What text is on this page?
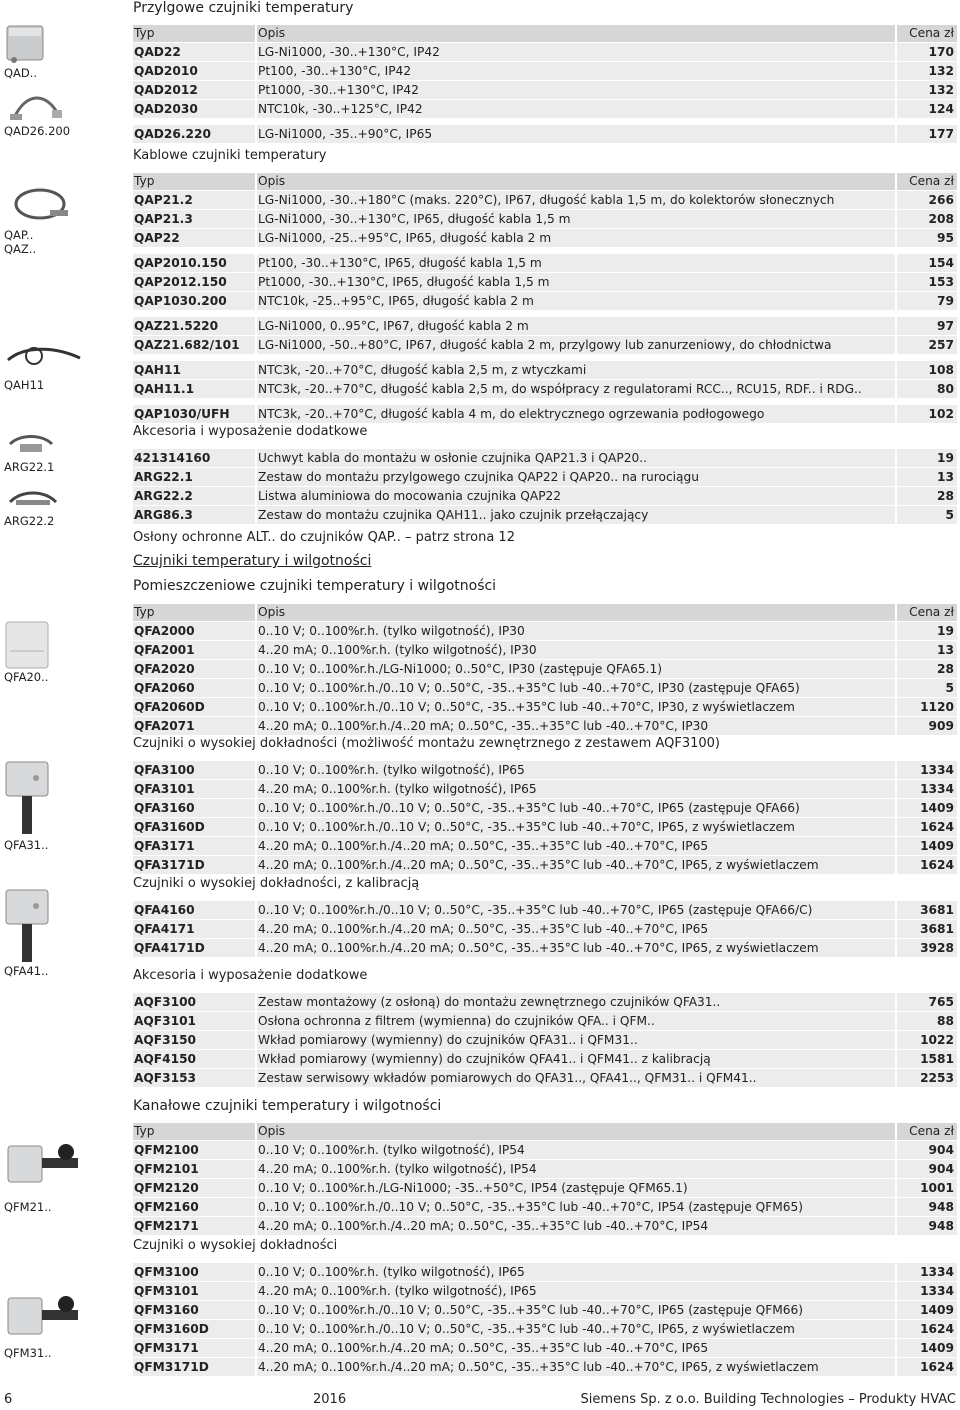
QAD..
QAD26.200
QAP..
QAZ..
QAH11
ARG22.1
ARG22.2
QFA20..
QFA31..
QFA41..
QFM21..
QFM31..
Przylgowe czujniki temperatury
Typ	Opis	Cena zł
QAD22	LG-Ni1000, -30..+130°C, IP42	170
QAD2010	Pt100, -30..+130°C, IP42	132
QAD2012	Pt1000, -30..+130°C, IP42	132
QAD2030	NTC10k, -30..+125°C, IP42	124
QAD26.220	LG-Ni1000, -35..+90°C, IP65	177
Kablowe czujniki temperatury
Typ	Opis	Cena zł
QAP21.2	LG-Ni1000, -30..+180°C (maks. 220°C), IP67, długość kabla 1,5 m, do kolektorów słonecznych	266
QAP21.3	LG-Ni1000, -30..+130°C, IP65, długość kabla 1,5 m	208
QAP22	LG-Ni1000, -25..+95°C, IP65, długość kabla 2 m	95
QAP2010.150	Pt100, -30..+130°C, IP65, długość kabla 1,5 m	154
QAP2012.150	Pt1000, -30..+130°C, IP65, długość kabla 1,5 m	153
QAP1030.200	NTC10k, -25..+95°C, IP65, długość kabla 2 m	79
QAZ21.5220	LG-Ni1000, 0..95°C, IP67, długość kabla 2 m	97
QAZ21.682/101	LG-Ni1000, -50..+80°C, IP67, długość kabla 2 m, przylgowy lub zanurzeniowy, do chłodnictwa	257
QAH11	NTC3k, -20..+70°C, długość kabla 2,5 m, z wtyczkami	108
QAH11.1	NTC3k, -20..+70°C, długość kabla 2,5 m, do współpracy z regulatorami RCC.., RCU15, RDF.. i RDG..	80
QAP1030/UFH	NTC3k, -20..+70°C, długość kabla 4 m, do elektrycznego ogrzewania podłogowego	102
Akcesoria i wyposażenie dodatkowe
421314160	Uchwyt kabla do montażu w osłonie czujnika QAP21.3 i QAP20..	19
ARG22.1	Zestaw do montażu przylgowego czujnika QAP22 i QAP20.. na rurociągu	13
ARG22.2	Listwa aluminiowa do mocowania czujnika QAP22	28
ARG86.3	Zestaw do montażu czujnika QAH11.. jako czujnik przełączający	5
Osłony ochronne ALT.. do czujników QAP.. – patrz strona 12
Czujniki temperatury i wilgotności
Pomieszczeniowe czujniki temperatury i wilgotności
Typ	Opis	Cena zł
QFA2000	0..10 V; 0..100%r.h. (tylko wilgotność), IP30	19
QFA2001	4..20 mA; 0..100%r.h. (tylko wilgotność), IP30	13
QFA2020	0..10 V; 0..100%r.h./LG-Ni1000; 0..50°C, IP30 (zastępuje QFA65.1)	28
QFA2060	0..10 V; 0..100%r.h./0..10 V; 0..50°C, -35..+35°C lub -40..+70°C, IP30 (zastępuje QFA65)	5
QFA2060D	0..10 V; 0..100%r.h./0..10 V; 0..50°C, -35..+35°C lub -40..+70°C, IP30, z wyświetlaczem	1120
QFA2071	4..20 mA; 0..100%r.h./4..20 mA; 0..50°C, -35..+35°C lub -40..+70°C, IP30	909
Czujniki o wysokiej dokładności (możliwość montażu zewnętrznego z zestawem AQF3100)
QFA3100	0..10 V; 0..100%r.h. (tylko wilgotność), IP65	1334
QFA3101	4..20 mA; 0..100%r.h. (tylko wilgotność), IP65	1334
QFA3160	0..10 V; 0..100%r.h./0..10 V; 0..50°C, -35..+35°C lub -40..+70°C, IP65 (zastępuje QFA66)	1409
QFA3160D	0..10 V; 0..100%r.h./0..10 V; 0..50°C, -35..+35°C lub -40..+70°C, IP65, z wyświetlaczem	1624
QFA3171	4..20 mA; 0..100%r.h./4..20 mA; 0..50°C, -35..+35°C lub -40..+70°C, IP65	1409
QFA3171D	4..20 mA; 0..100%r.h./4..20 mA; 0..50°C, -35..+35°C lub -40..+70°C, IP65, z wyświetlaczem	1624
Czujniki o wysokiej dokładności, z kalibracją
QFA4160	0..10 V; 0..100%r.h./0..10 V; 0..50°C, -35..+35°C lub -40..+70°C, IP65 (zastępuje QFA66/C)	3681
QFA4171	4..20 mA; 0..100%r.h./4..20 mA; 0..50°C, -35..+35°C lub -40..+70°C, IP65	3681
QFA4171D	4..20 mA; 0..100%r.h./4..20 mA; 0..50°C, -35..+35°C lub -40..+70°C, IP65, z wyświetlaczem	3928
Akcesoria i wyposażenie dodatkowe
AQF3100	Zestaw montażowy (z osłoną) do montażu zewnętrznego czujników QFA31..	765
AQF3101	Osłona ochronna z filtrem (wymienna) do czujników QFA.. i QFM..	88
AQF3150	Wkład pomiarowy (wymienny) do czujników QFA31.. i QFM31..	1022
AQF4150	Wkład pomiarowy (wymienny) do czujników QFA41.. i QFM41.. z kalibracją	1581
AQF3153	Zestaw serwisowy wkładów pomiarowych do QFA31.., QFA41.., QFM31.. i QFM41..	2253
Kanałowe czujniki temperatury i wilgotności
Typ	Opis	Cena zł
QFM2100	0..10 V; 0..100%r.h. (tylko wilgotność), IP54	904
QFM2101	4..20 mA; 0..100%r.h. (tylko wilgotność), IP54	904
QFM2120	0..10 V; 0..100%r.h./LG-Ni1000; -35..+50°C, IP54 (zastępuje QFM65.1)	1001
QFM2160	0..10 V; 0..100%r.h./0..10 V; 0..50°C, -35..+35°C lub -40..+70°C, IP54 (zastępuje QFM65)	948
QFM2171	4..20 mA; 0..100%r.h./4..20 mA; 0..50°C, -35..+35°C lub -40..+70°C, IP54	948
Czujniki o wysokiej dokładności
QFM3100	0..10 V; 0..100%r.h. (tylko wilgotność), IP65	1334
QFM3101	4..20 mA; 0..100%r.h. (tylko wilgotność), IP65	1334
QFM3160	0..10 V; 0..100%r.h./0..10 V; 0..50°C, -35..+35°C lub -40..+70°C, IP65 (zastępuje QFM66)	1409
QFM3160D	0..10 V; 0..100%r.h./0..10 V; 0..50°C, -35..+35°C lub -40..+70°C, IP65, z wyświetlaczem	1624
QFM3171	4..20 mA; 0..100%r.h./4..20 mA; 0..50°C, -35..+35°C lub -40..+70°C, IP65	1409
QFM3171D	4..20 mA; 0..100%r.h./4..20 mA; 0..50°C, -35..+35°C lub -40..+70°C, IP65, z wyświetlaczem	1624
6	2016	Siemens Sp. z o.o. Building Technologies – Produkty HVAC
